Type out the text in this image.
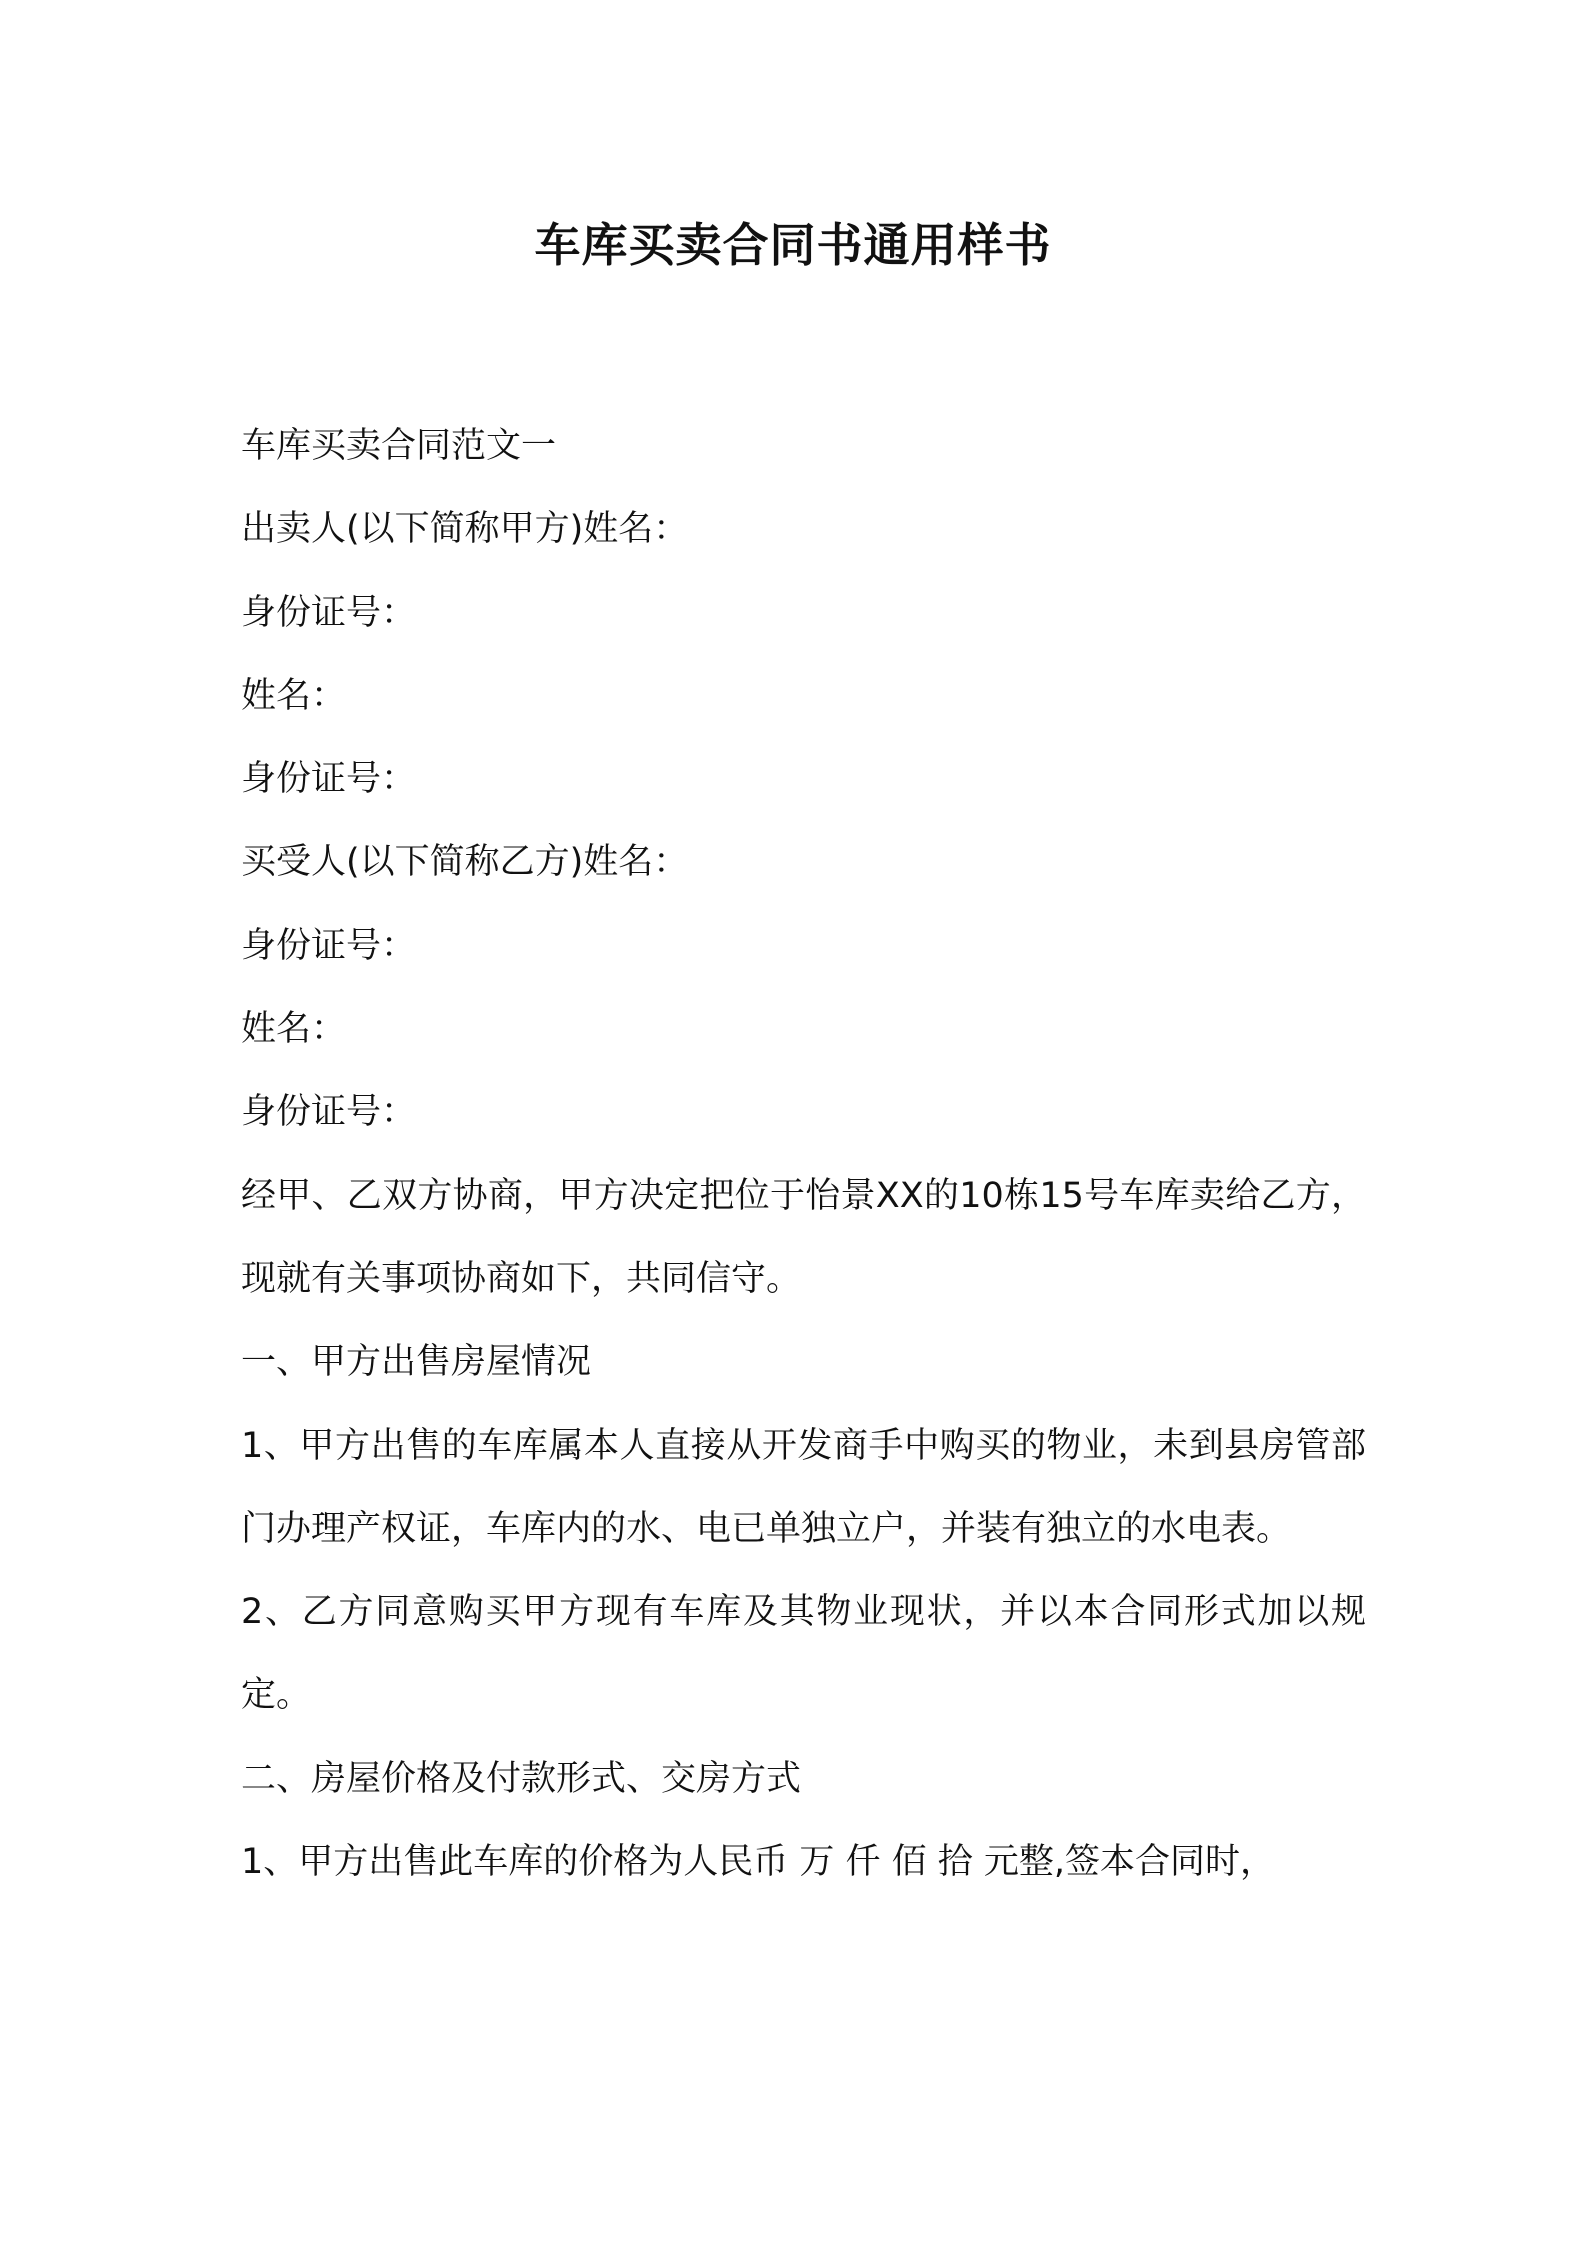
车库买卖合同书通用样书

车库买卖合同范文一

出卖人(以下简称甲方)姓名：

身份证号：

姓名：

身份证号：

买受人(以下简称乙方)姓名：

身份证号：

姓名：

身份证号：

经甲、乙双方协商，甲方决定把位于怡景XX的10栋15号车库卖给乙方，现就有关事项协商如下，共同信守。

一、甲方出售房屋情况

1、甲方出售的车库属本人直接从开发商手中购买的物业，未到县房管部门办理产权证，车库内的水、电已单独立户，并装有独立的水电表。

2、乙方同意购买甲方现有车库及其物业现状，并以本合同形式加以规定。

二、房屋价格及付款形式、交房方式

1、甲方出售此车库的价格为人民币 万 仟 佰 拾 元整,签本合同时，
